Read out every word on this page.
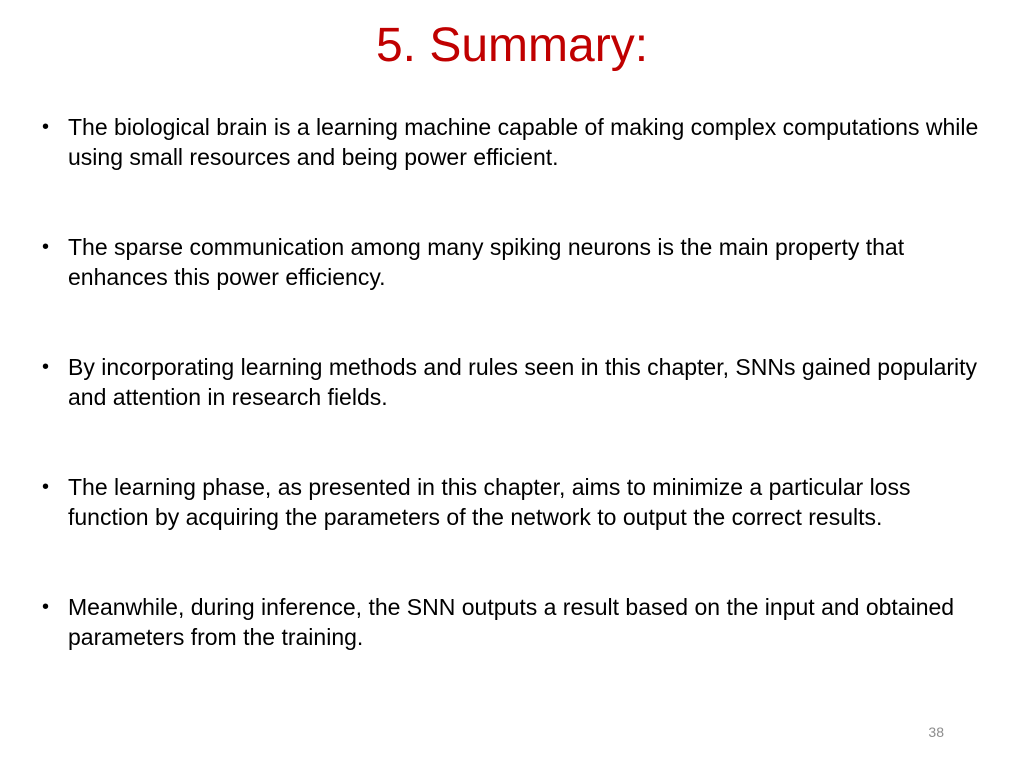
5. Summary:
• The biological brain is a learning machine capable of making complex computations while using small resources and being power efficient.
• The sparse communication among many spiking neurons is the main property that enhances this power efficiency.
• By incorporating learning methods and rules seen in this chapter, SNNs gained popularity and attention in research fields.
• The learning phase, as presented in this chapter, aims to minimize a particular loss function by acquiring the parameters of the network to output the correct results.
• Meanwhile, during inference, the SNN outputs a result based on the input and obtained parameters from the training.
38
